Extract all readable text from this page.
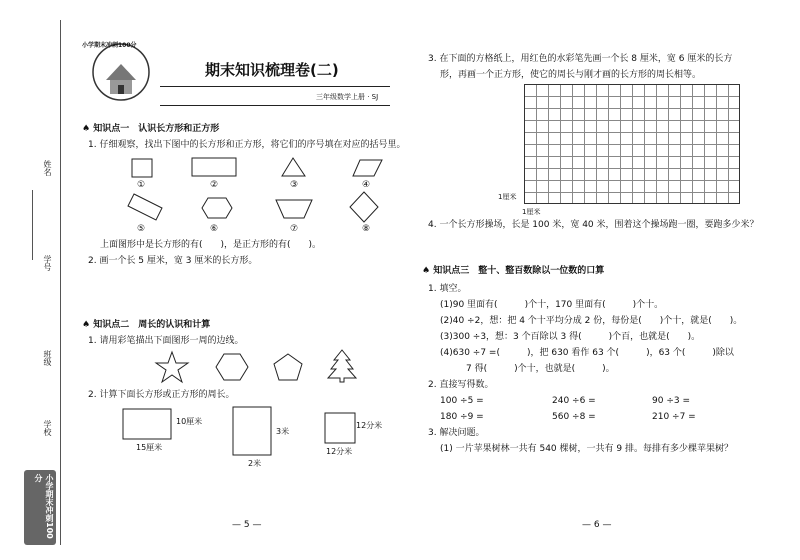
姓名
学号
班级
学校
小学期末冲刺100分
小学期末冲刺100分
期末知识梳理卷(二)
三年级数学上册 · SJ
♠ 知识点一　认识长方形和正方形
1. 仔细观察，找出下图中的长方形和正方形，将它们的序号填在对应的括号里。
①	②	③	④
⑤	⑥	⑦	⑧
上面图形中是长方形的有(　　)，是正方形的有(　　)。
2. 画一个长 5 厘米，宽 3 厘米的长方形。
♠ 知识点二　周长的认识和计算
1. 请用彩笔描出下面图形一周的边线。
2. 计算下面长方形或正方形的周长。
10厘米
15厘米
3米
2米
12分米
12分米
— 5 —
3. 在下面的方格纸上，用红色的水彩笔先画一个长 8 厘米，宽 6 厘米的长方
形，再画一个正方形，使它的周长与刚才画的长方形的周长相等。
1厘米
1厘米
4. 一个长方形操场，长是 100 米，宽 40 米，围着这个操场跑一圈，要跑多少米？
♠ 知识点三　整十、整百数除以一位数的口算
1. 填空。
(1)90 里面有(　　　)个十，170 里面有(　　　)个十。
(2)40 ÷2，想：把 4 个十平均分成 2 份，每份是(　　)个十，就是(　　)。
(3)300 ÷3，想：3 个百除以 3 得(　　　)个百，也就是(　　)。
(4)630 ÷7 =(　　　)，把 630 看作 63 个(　　　)，63 个(　　　)除以
7 得(　　　)个十，也就是(　　　)。
2. 直接写得数。
100 ÷5 =	240 ÷6 =	90 ÷3 =
180 ÷9 =	560 ÷8 =	210 ÷7 =
3. 解决问题。
(1) 一片苹果树林一共有 540 棵树，一共有 9 排。每排有多少棵苹果树？
— 6 —
